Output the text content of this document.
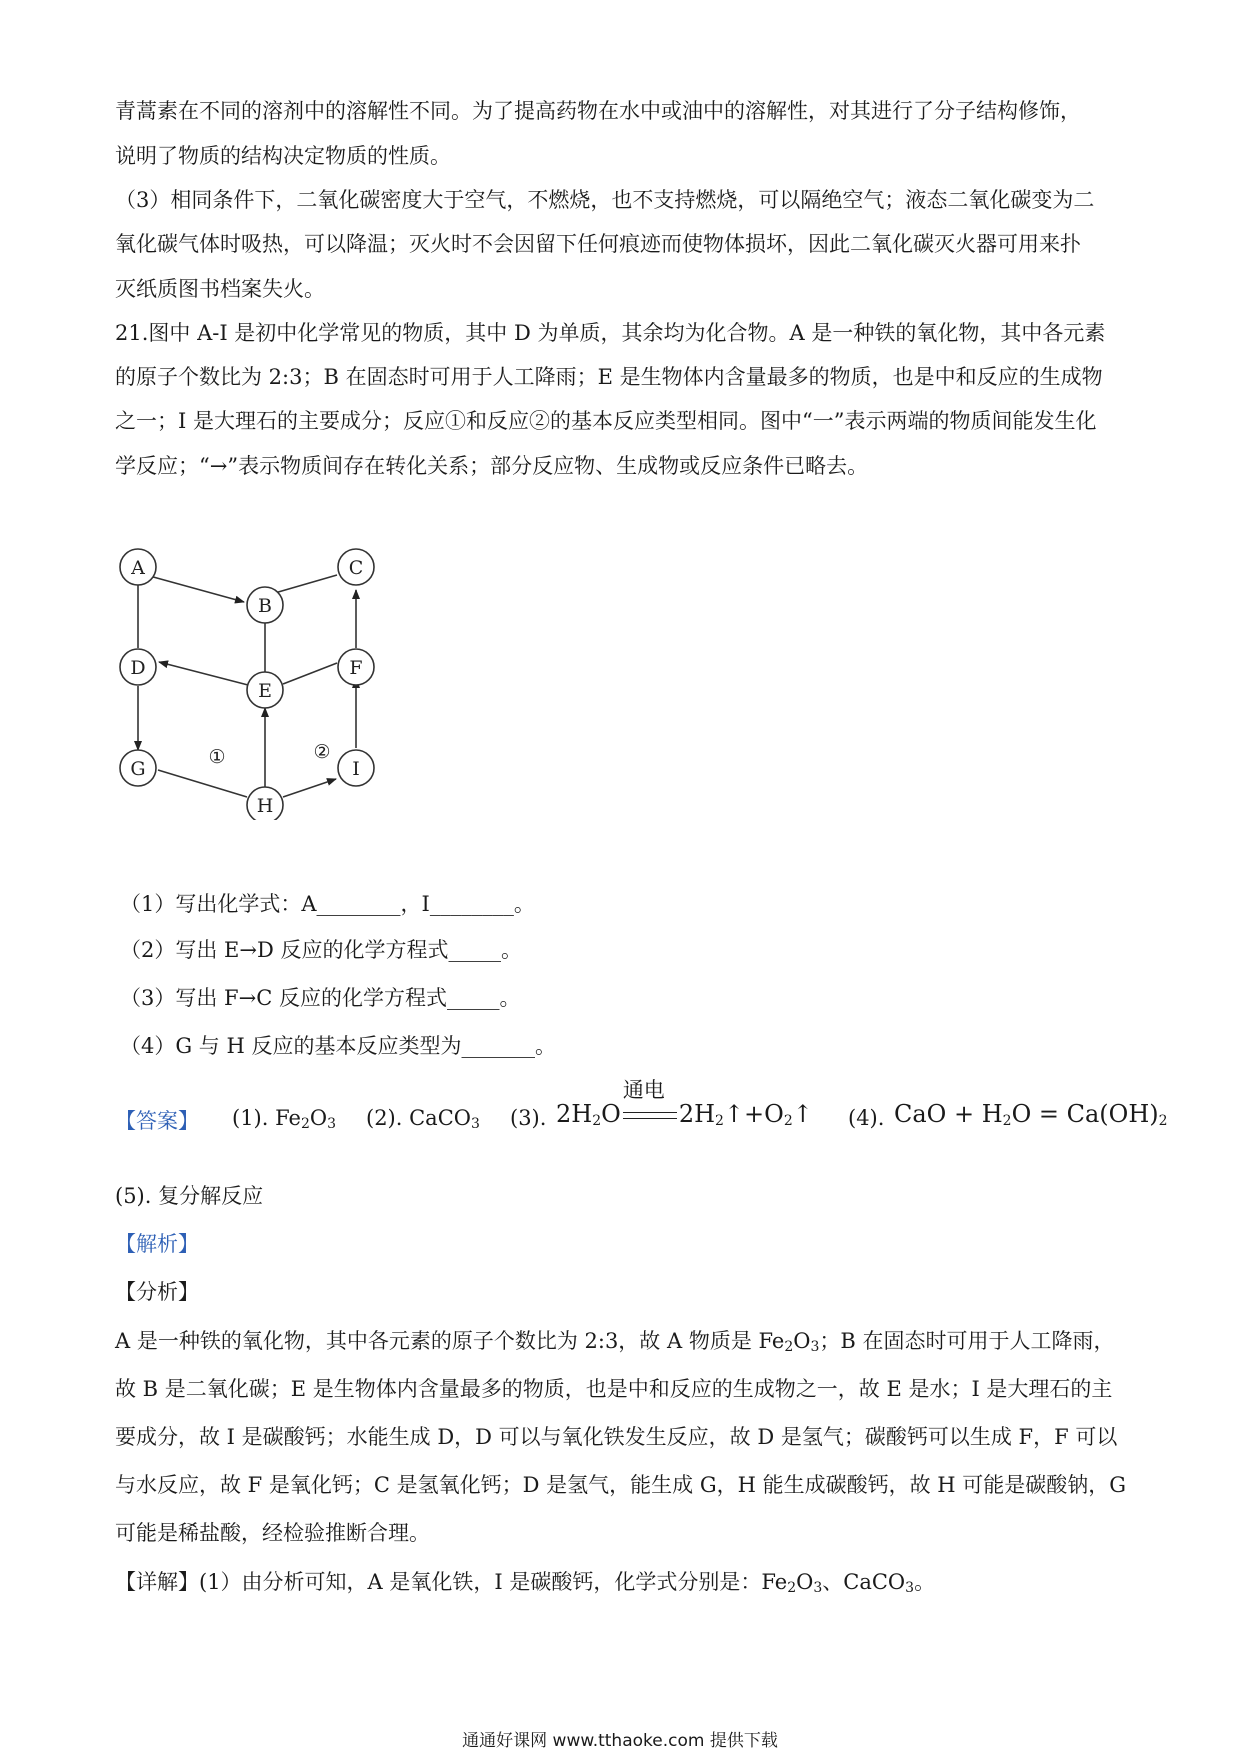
青蒿素在不同的溶剂中的溶解性不同。为了提高药物在水中或油中的溶解性，对其进行了分子结构修饰，
说明了物质的结构决定物质的性质。
（3）相同条件下，二氧化碳密度大于空气，不燃烧，也不支持燃烧，可以隔绝空气；液态二氧化碳变为二
氧化碳气体时吸热，可以降温；灭火时不会因留下任何痕迹而使物体损坏，因此二氧化碳灭火器可用来扑
灭纸质图书档案失火。
21.图中 A-I 是初中化学常见的物质，其中 D 为单质，其余均为化合物。A 是一种铁的氧化物，其中各元素
的原子个数比为 2:3；B 在固态时可用于人工降雨；E 是生物体内含量最多的物质，也是中和反应的生成物
之一；I 是大理石的主要成分；反应①和反应②的基本反应类型相同。图中“一”表示两端的物质间能发生化
学反应；“→”表示物质间存在转化关系；部分反应物、生成物或反应条件已略去。
A
B
C
D
E
F
G
H
I
①	②
（1）写出化学式：A________，I________。
（2）写出 E→D 反应的化学方程式_____。
（3）写出 F→C 反应的化学方程式_____。
（4）G 与 H 反应的基本反应类型为_______。
【答案】 (1). $Fe_2O_3$ (2). CaCO$_3$ (3). $2H_2O$
通电
$2H_2↑+O_2↑$ (4). CaO + $H_2O = Ca(OH)_2$
(5). 复分解反应
【解析】
【分析】
A 是一种铁的氧化物，其中各元素的原子个数比为 2:3，故 A 物质是 $Fe_2O_3$；B 在固态时可用于人工降雨，
故 B 是二氧化碳；E 是生物体内含量最多的物质，也是中和反应的生成物之一，故 E 是水；I 是大理石的主
要成分，故 I 是碳酸钙；水能生成 D，D 可以与氧化铁发生反应，故 D 是氢气；碳酸钙可以生成 F，F 可以
与水反应，故 F 是氧化钙；C 是氢氧化钙；D 是氢气，能生成 G，H 能生成碳酸钙，故 H 可能是碳酸钠，G
可能是稀盐酸，经检验推断合理。
【详解】(1）由分析可知，A 是氧化铁，I 是碳酸钙，化学式分别是：$Fe_2O_3$、CaCO$_3$。
通通好课网 www.tthaoke.com 提供下载
